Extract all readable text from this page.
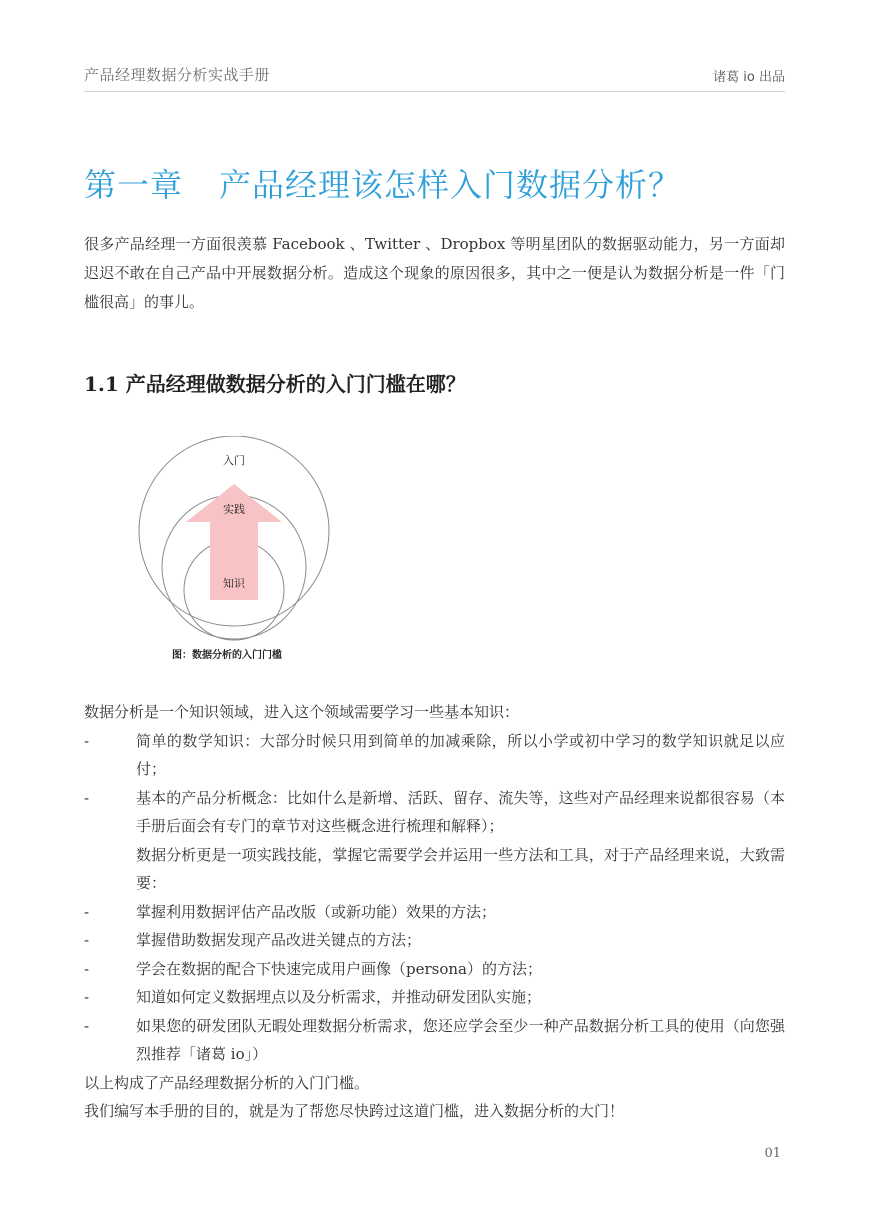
产品经理数据分析实战手册	诸葛 io 出品
第一章 产品经理该怎样入门数据分析？

很多产品经理一方面很羡慕 Facebook 、Twitter 、Dropbox 等明星团队的数据驱动能力，另一方面却迟迟不敢在自己产品中开展数据分析。造成这个现象的原因很多，其中之一便是认为数据分析是一件「门槛很高」的事儿。

1.1 产品经理做数据分析的入门门槛在哪？
入门
实践
知识
图：数据分析的入门门槛

数据分析是一个知识领域，进入这个领域需要学习一些基本知识：

-	简单的数学知识：大部分时候只用到简单的加减乘除，所以小学或初中学习的数学知识就足以应付；

-	基本的产品分析概念：比如什么是新增、活跃、留存、流失等，这些对产品经理来说都很容易（本手册后面会有专门的章节对这些概念进行梳理和解释）；

数据分析更是一项实践技能，掌握它需要学会并运用一些方法和工具，对于产品经理来说，大致需要：

-	掌握利用数据评估产品改版（或新功能）效果的方法；

-	掌握借助数据发现产品改进关键点的方法；

-	学会在数据的配合下快速完成用户画像（persona）的方法；

-	知道如何定义数据埋点以及分析需求，并推动研发团队实施；

-	如果您的研发团队无暇处理数据分析需求，您还应学会至少一种产品数据分析工具的使用（向您强烈推荐「诸葛 io」）

以上构成了产品经理数据分析的入门门槛。

我们编写本手册的目的，就是为了帮您尽快跨过这道门槛，进入数据分析的大门！

01
